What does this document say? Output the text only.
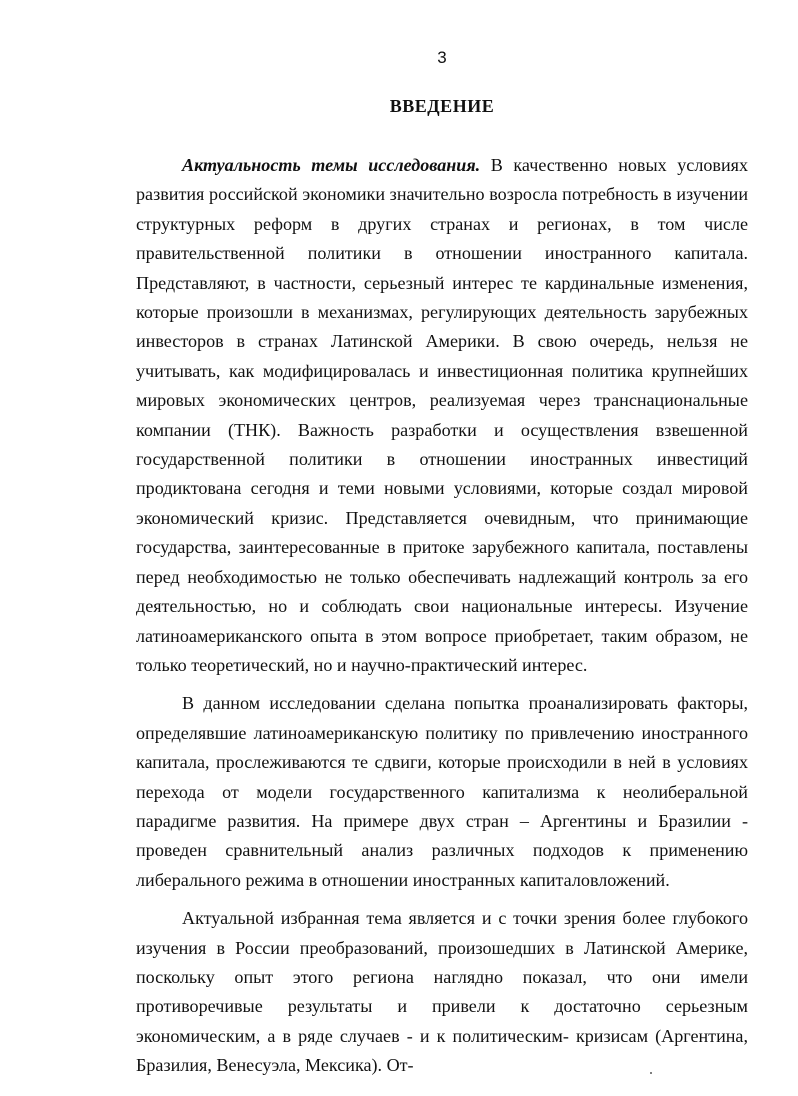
3
ВВЕДЕНИЕ

Актуальность темы исследования. В качественно новых условиях развития российской экономики значительно возросла потребность в изучении структурных реформ в других странах и регионах, в том числе правительственной политики в отношении иностранного капитала. Представляют, в частности, серьезный интерес те кардинальные изменения, которые произошли в механизмах, регулирующих деятельность зарубежных инвесторов в странах Латинской Америки. В свою очередь, нельзя не учитывать, как модифицировалась и инвестиционная политика крупнейших мировых экономических центров, реализуемая через транснациональные компании (ТНК). Важность разработки и осуществления взвешенной государственной политики в отношении иностранных инвестиций продиктована сегодня и теми новыми условиями, которые создал мировой экономический кризис. Представляется очевидным, что принимающие государства, заинтересованные в притоке зарубежного капитала, поставлены перед необходимостью не только обеспечивать надлежащий контроль за его деятельностью, но и соблюдать свои национальные интересы. Изучение латиноамериканского опыта в этом вопросе приобретает, таким образом, не только теоретический, но и научно-практический интерес.

В данном исследовании сделана попытка проанализировать факторы, определявшие латиноамериканскую политику по привлечению иностранного капитала, прослеживаются те сдвиги, которые происходили в ней в условиях перехода от модели государственного капитализма к неолиберальной парадигме развития. На примере двух стран – Аргентины и Бразилии - проведен сравнительный анализ различных подходов к применению либерального режима в отношении иностранных капиталовложений.

Актуальной избранная тема является и с точки зрения более глубокого изучения в России преобразований, произошедших в Латинской Америке, поскольку опыт этого региона наглядно показал, что они имели противоречивые результаты и привели к достаточно серьезным экономическим, а в ряде случаев - и к политическим- кризисам (Аргентина, Бразилия, Венесуэла, Мексика). От-
